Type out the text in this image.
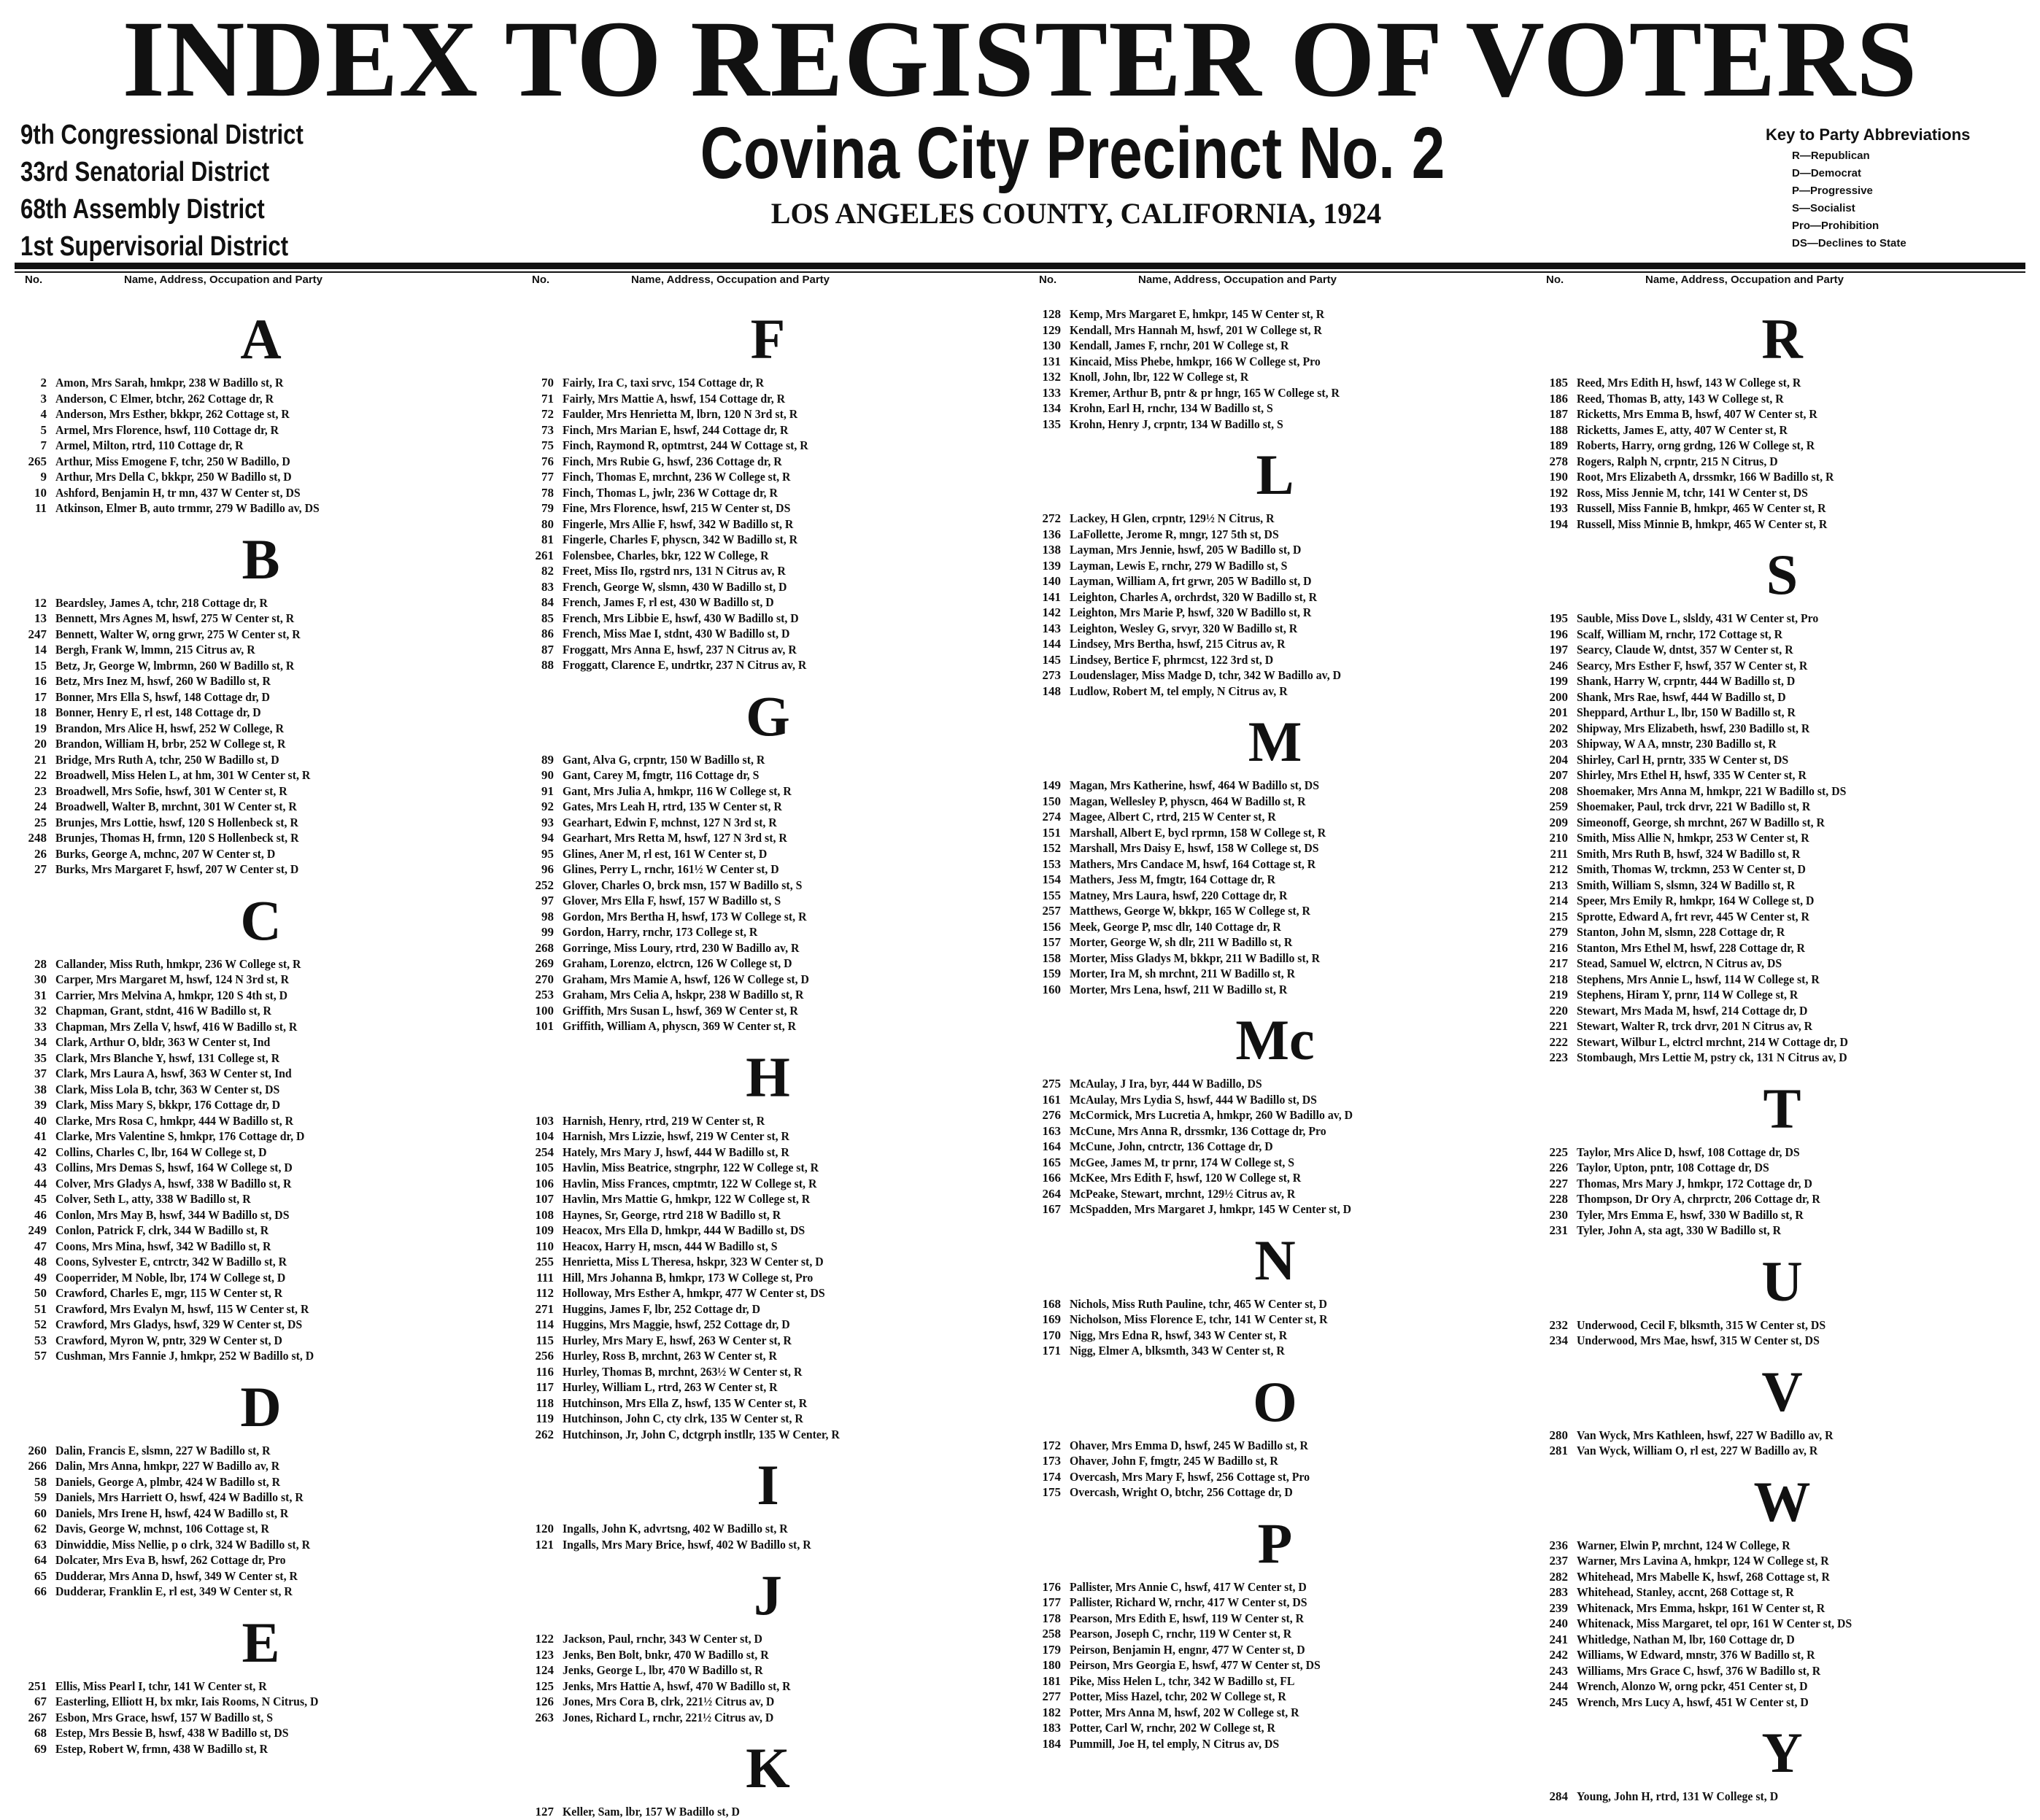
INDEX TO REGISTER OF VOTERS
9th Congressional District
33rd Senatorial District
68th Assembly District
1st Supervisorial District
Covina City Precinct No. 2
LOS ANGELES COUNTY, CALIFORNIA, 1924
Key to Party Abbreviations
R—Republican
D—Democrat
P—Progressive
S—Socialist
Pro—Prohibition
DS—Declines to State
No.	Name, Address, Occupation and Party
A
2 Amon, Mrs Sarah, hmkpr, 238 W Badillo st, R
3 Anderson, C Elmer, btchr, 262 Cottage dr, R
4 Anderson, Mrs Esther, bkkpr, 262 Cottage st, R
5 Armel, Mrs Florence, hswf, 110 Cottage dr, R
7 Armel, Milton, rtrd, 110 Cottage dr, R
265 Arthur, Miss Emogene F, tchr, 250 W Badillo, D
9 Arthur, Mrs Della C, bkkpr, 250 W Badillo st, D
10 Ashford, Benjamin H, tr mn, 437 W Center st, DS
11 Atkinson, Elmer B, auto trmmr, 279 W Badillo av, DS
B
12 Beardsley, James A, tchr, 218 Cottage dr, R
13 Bennett, Mrs Agnes M, hswf, 275 W Center st, R
247 Bennett, Walter W, orng grwr, 275 W Center st, R
14 Bergh, Frank W, lmmn, 215 Citrus av, R
15 Betz, Jr, George W, lmbrmn, 260 W Badillo st, R
16 Betz, Mrs Inez M, hswf, 260 W Badillo st, R
17 Bonner, Mrs Ella S, hswf, 148 Cottage dr, D
18 Bonner, Henry E, rl est, 148 Cottage dr, D
19 Brandon, Mrs Alice H, hswf, 252 W College, R
20 Brandon, William H, brbr, 252 W College st, R
21 Bridge, Mrs Ruth A, tchr, 250 W Badillo st, D
22 Broadwell, Miss Helen L, at hm, 301 W Center st, R
23 Broadwell, Mrs Sofie, hswf, 301 W Center st, R
24 Broadwell, Walter B, mrchnt, 301 W Center st, R
25 Brunjes, Mrs Lottie, hswf, 120 S Hollenbeck st, R
248 Brunjes, Thomas H, frmn, 120 S Hollenbeck st, R
26 Burks, George A, mchnc, 207 W Center st, D
27 Burks, Mrs Margaret F, hswf, 207 W Center st, D
C
28 Callander, Miss Ruth, hmkpr, 236 W College st, R
30 Carper, Mrs Margaret M, hswf, 124 N 3rd st, R
31 Carrier, Mrs Melvina A, hmkpr, 120 S 4th st, D
32 Chapman, Grant, stdnt, 416 W Badillo st, R
33 Chapman, Mrs Zella V, hswf, 416 W Badillo st, R
34 Clark, Arthur O, bldr, 363 W Center st, Ind
35 Clark, Mrs Blanche Y, hswf, 131 College st, R
37 Clark, Mrs Laura A, hswf, 363 W Center st, Ind
38 Clark, Miss Lola B, tchr, 363 W Center st, DS
39 Clark, Miss Mary S, bkkpr, 176 Cottage dr, D
40 Clarke, Mrs Rosa C, hmkpr, 444 W Badillo st, R
41 Clarke, Mrs Valentine S, hmkpr, 176 Cottage dr, D
42 Collins, Charles C, lbr, 164 W College st, D
43 Collins, Mrs Demas S, hswf, 164 W College st, D
44 Colver, Mrs Gladys A, hswf, 338 W Badillo st, R
45 Colver, Seth L, atty, 338 W Badillo st, R
46 Conlon, Mrs May B, hswf, 344 W Badillo st, DS
249 Conlon, Patrick F, clrk, 344 W Badillo st, R
47 Coons, Mrs Mina, hswf, 342 W Badillo st, R
48 Coons, Sylvester E, cntrctr, 342 W Badillo st, R
49 Cooperrider, M Noble, lbr, 174 W College st, D
50 Crawford, Charles E, mgr, 115 W Center st, R
51 Crawford, Mrs Evalyn M, hswf, 115 W Center st, R
52 Crawford, Mrs Gladys, hswf, 329 W Center st, DS
53 Crawford, Myron W, pntr, 329 W Center st, D
57 Cushman, Mrs Fannie J, hmkpr, 252 W Badillo st, D
D
260 Dalin, Francis E, slsmn, 227 W Badillo st, R
266 Dalin, Mrs Anna, hmkpr, 227 W Badillo av, R
58 Daniels, George A, plmbr, 424 W Badillo st, R
59 Daniels, Mrs Harriett O, hswf, 424 W Badillo st, R
60 Daniels, Mrs Irene H, hswf, 424 W Badillo st, R
62 Davis, George W, mchnst, 106 Cottage st, R
63 Dinwiddie, Miss Nellie, p o clrk, 324 W Badillo st, R
64 Dolcater, Mrs Eva B, hswf, 262 Cottage dr, Pro
65 Dudderar, Mrs Anna D, hswf, 349 W Center st, R
66 Dudderar, Franklin E, rl est, 349 W Center st, R
E
251 Ellis, Miss Pearl I, tchr, 141 W Center st, R
67 Easterling, Elliott H, bx mkr, Iais Rooms, N Citrus, D
267 Esbon, Mrs Grace, hswf, 157 W Badillo st, S
68 Estep, Mrs Bessie B, hswf, 438 W Badillo st, DS
69 Estep, Robert W, frmn, 438 W Badillo st, R
No.	Name, Address, Occupation and Party
F
70 Fairly, Ira C, taxi srvc, 154 Cottage dr, R
71 Fairly, Mrs Mattie A, hswf, 154 Cottage dr, R
72 Faulder, Mrs Henrietta M, lbrn, 120 N 3rd st, R
73 Finch, Mrs Marian E, hswf, 244 Cottage dr, R
75 Finch, Raymond R, optmtrst, 244 W Cottage st, R
76 Finch, Mrs Rubie G, hswf, 236 Cottage dr, R
77 Finch, Thomas E, mrchnt, 236 W College st, R
78 Finch, Thomas L, jwlr, 236 W Cottage dr, R
79 Fine, Mrs Florence, hswf, 215 W Center st, DS
80 Fingerle, Mrs Allie F, hswf, 342 W Badillo st, R
81 Fingerle, Charles F, physcn, 342 W Badillo st, R
261 Folensbee, Charles, bkr, 122 W College, R
82 Freet, Miss Ilo, rgstrd nrs, 131 N Citrus av, R
83 French, George W, slsmn, 430 W Badillo st, D
84 French, James F, rl est, 430 W Badillo st, D
85 French, Mrs Libbie E, hswf, 430 W Badillo st, D
86 French, Miss Mae I, stdnt, 430 W Badillo st, D
87 Froggatt, Mrs Anna E, hswf, 237 N Citrus av, R
88 Froggatt, Clarence E, undrtkr, 237 N Citrus av, R
G
89 Gant, Alva G, crpntr, 150 W Badillo st, R
90 Gant, Carey M, fmgtr, 116 Cottage dr, S
91 Gant, Mrs Julia A, hmkpr, 116 W College st, R
92 Gates, Mrs Leah H, rtrd, 135 W Center st, R
93 Gearhart, Edwin F, mchnst, 127 N 3rd st, R
94 Gearhart, Mrs Retta M, hswf, 127 N 3rd st, R
95 Glines, Aner M, rl est, 161 W Center st, D
96 Glines, Perry L, rnchr, 161½ W Center st, D
252 Glover, Charles O, brck msn, 157 W Badillo st, S
97 Glover, Mrs Ella F, hswf, 157 W Badillo st, S
98 Gordon, Mrs Bertha H, hswf, 173 W College st, R
99 Gordon, Harry, rnchr, 173 College st, R
268 Gorringe, Miss Loury, rtrd, 230 W Badillo av, R
269 Graham, Lorenzo, elctrcn, 126 W College st, D
270 Graham, Mrs Mamie A, hswf, 126 W College st, D
253 Graham, Mrs Celia A, hskpr, 238 W Badillo st, R
100 Griffith, Mrs Susan L, hswf, 369 W Center st, R
101 Griffith, William A, physcn, 369 W Center st, R
H
103 Harnish, Henry, rtrd, 219 W Center st, R
104 Harnish, Mrs Lizzie, hswf, 219 W Center st, R
254 Hately, Mrs Mary J, hswf, 444 W Badillo st, R
105 Havlin, Miss Beatrice, stngrphr, 122 W College st, R
106 Havlin, Miss Frances, cmptmtr, 122 W College st, R
107 Havlin, Mrs Mattie G, hmkpr, 122 W College st, R
108 Haynes, Sr, George, rtrd 218 W Badillo st, R
109 Heacox, Mrs Ella D, hmkpr, 444 W Badillo st, DS
110 Heacox, Harry H, mscn, 444 W Badillo st, S
255 Henrietta, Miss L Theresa, hskpr, 323 W Center st, D
111 Hill, Mrs Johanna B, hmkpr, 173 W College st, Pro
112 Holloway, Mrs Esther A, hmkpr, 477 W Center st, DS
271 Huggins, James F, lbr, 252 Cottage dr, D
114 Huggins, Mrs Maggie, hswf, 252 Cottage dr, D
115 Hurley, Mrs Mary E, hswf, 263 W Center st, R
256 Hurley, Ross B, mrchnt, 263 W Center st, R
116 Hurley, Thomas B, mrchnt, 263½ W Center st, R
117 Hurley, William L, rtrd, 263 W Center st, R
118 Hutchinson, Mrs Ella Z, hswf, 135 W Center st, R
119 Hutchinson, John C, cty clrk, 135 W Center st, R
262 Hutchinson, Jr, John C, dctgrph instllr, 135 W Center, R
I
120 Ingalls, John K, advrtsng, 402 W Badillo st, R
121 Ingalls, Mrs Mary Brice, hswf, 402 W Badillo st, R
J
122 Jackson, Paul, rnchr, 343 W Center st, D
123 Jenks, Ben Bolt, bnkr, 470 W Badillo st, R
124 Jenks, George L, lbr, 470 W Badillo st, R
125 Jenks, Mrs Hattie A, hswf, 470 W Badillo st, R
126 Jones, Mrs Cora B, clrk, 221½ Citrus av, D
263 Jones, Richard L, rnchr, 221½ Citrus av, D
K
127 Keller, Sam, lbr, 157 W Badillo st, D
No.	Name, Address, Occupation and Party
128 Kemp, Mrs Margaret E, hmkpr, 145 W Center st, R
129 Kendall, Mrs Hannah M, hswf, 201 W College st, R
130 Kendall, James F, rnchr, 201 W College st, R
131 Kincaid, Miss Phebe, hmkpr, 166 W College st, Pro
132 Knoll, John, lbr, 122 W College st, R
133 Kremer, Arthur B, pntr & pr hngr, 165 W College st, R
134 Krohn, Earl H, rnchr, 134 W Badillo st, S
135 Krohn, Henry J, crpntr, 134 W Badillo st, S
L
272 Lackey, H Glen, crpntr, 129½ N Citrus, R
136 LaFollette, Jerome R, mngr, 127 5th st, DS
138 Layman, Mrs Jennie, hswf, 205 W Badillo st, D
139 Layman, Lewis E, rnchr, 279 W Badillo st, S
140 Layman, William A, frt grwr, 205 W Badillo st, D
141 Leighton, Charles A, orchrdst, 320 W Badillo st, R
142 Leighton, Mrs Marie P, hswf, 320 W Badillo st, R
143 Leighton, Wesley G, srvyr, 320 W Badillo st, R
144 Lindsey, Mrs Bertha, hswf, 215 Citrus av, R
145 Lindsey, Bertice F, phrmcst, 122 3rd st, D
273 Loudenslager, Miss Madge D, tchr, 342 W Badillo av, D
148 Ludlow, Robert M, tel emply, N Citrus av, R
M
149 Magan, Mrs Katherine, hswf, 464 W Badillo st, DS
150 Magan, Wellesley P, physcn, 464 W Badillo st, R
274 Magee, Albert C, rtrd, 215 W Center st, R
151 Marshall, Albert E, bycl rprmn, 158 W College st, R
152 Marshall, Mrs Daisy E, hswf, 158 W College st, DS
153 Mathers, Mrs Candace M, hswf, 164 Cottage st, R
154 Mathers, Jess M, fmgtr, 164 Cottage dr, R
155 Matney, Mrs Laura, hswf, 220 Cottage dr, R
257 Matthews, George W, bkkpr, 165 W College st, R
156 Meek, George P, msc dlr, 140 Cottage dr, R
157 Morter, George W, sh dlr, 211 W Badillo st, R
158 Morter, Miss Gladys M, bkkpr, 211 W Badillo st, R
159 Morter, Ira M, sh mrchnt, 211 W Badillo st, R
160 Morter, Mrs Lena, hswf, 211 W Badillo st, R
Mc
275 McAulay, J Ira, byr, 444 W Badillo, DS
161 McAulay, Mrs Lydia S, hswf, 444 W Badillo st, DS
276 McCormick, Mrs Lucretia A, hmkpr, 260 W Badillo av, D
163 McCune, Mrs Anna R, drssmkr, 136 Cottage dr, Pro
164 McCune, John, cntrctr, 136 Cottage dr, D
165 McGee, James M, tr prnr, 174 W College st, S
166 McKee, Mrs Edith F, hswf, 120 W College st, R
264 McPeake, Stewart, mrchnt, 129½ Citrus av, R
167 McSpadden, Mrs Margaret J, hmkpr, 145 W Center st, D
N
168 Nichols, Miss Ruth Pauline, tchr, 465 W Center st, D
169 Nicholson, Miss Florence E, tchr, 141 W Center st, R
170 Nigg, Mrs Edna R, hswf, 343 W Center st, R
171 Nigg, Elmer A, blksmth, 343 W Center st, R
O
172 Ohaver, Mrs Emma D, hswf, 245 W Badillo st, R
173 Ohaver, John F, fmgtr, 245 W Badillo st, R
174 Overcash, Mrs Mary F, hswf, 256 Cottage st, Pro
175 Overcash, Wright O, btchr, 256 Cottage dr, D
P
176 Pallister, Mrs Annie C, hswf, 417 W Center st, D
177 Pallister, Richard W, rnchr, 417 W Center st, DS
178 Pearson, Mrs Edith E, hswf, 119 W Center st, R
258 Pearson, Joseph C, rnchr, 119 W Center st, R
179 Peirson, Benjamin H, engnr, 477 W Center st, D
180 Peirson, Mrs Georgia E, hswf, 477 W Center st, DS
181 Pike, Miss Helen L, tchr, 342 W Badillo st, FL
277 Potter, Miss Hazel, tchr, 202 W College st, R
182 Potter, Mrs Anna M, hswf, 202 W College st, R
183 Potter, Carl W, rnchr, 202 W College st, R
184 Pummill, Joe H, tel emply, N Citrus av, DS
No.	Name, Address, Occupation and Party
R
185 Reed, Mrs Edith H, hswf, 143 W College st, R
186 Reed, Thomas B, atty, 143 W College st, R
187 Ricketts, Mrs Emma B, hswf, 407 W Center st, R
188 Ricketts, James E, atty, 407 W Center st, R
189 Roberts, Harry, orng grdng, 126 W College st, R
278 Rogers, Ralph N, crpntr, 215 N Citrus, D
190 Root, Mrs Elizabeth A, drssmkr, 166 W Badillo st, R
192 Ross, Miss Jennie M, tchr, 141 W Center st, DS
193 Russell, Miss Fannie B, hmkpr, 465 W Center st, R
194 Russell, Miss Minnie B, hmkpr, 465 W Center st, R
S
195 Sauble, Miss Dove L, slsldy, 431 W Center st, Pro
196 Scalf, William M, rnchr, 172 Cottage st, R
197 Searcy, Claude W, dntst, 357 W Center st, R
246 Searcy, Mrs Esther F, hswf, 357 W Center st, R
199 Shank, Harry W, crpntr, 444 W Badillo st, D
200 Shank, Mrs Rae, hswf, 444 W Badillo st, D
201 Sheppard, Arthur L, lbr, 150 W Badillo st, R
202 Shipway, Mrs Elizabeth, hswf, 230 Badillo st, R
203 Shipway, W A A, mnstr, 230 Badillo st, R
204 Shirley, Carl H, prntr, 335 W Center st, DS
207 Shirley, Mrs Ethel H, hswf, 335 W Center st, R
208 Shoemaker, Mrs Anna M, hmkpr, 221 W Badillo st, DS
259 Shoemaker, Paul, trck drvr, 221 W Badillo st, R
209 Simeonoff, George, sh mrchnt, 267 W Badillo st, R
210 Smith, Miss Allie N, hmkpr, 253 W Center st, R
211 Smith, Mrs Ruth B, hswf, 324 W Badillo st, R
212 Smith, Thomas W, trckmn, 253 W Center st, D
213 Smith, William S, slsmn, 324 W Badillo st, R
214 Speer, Mrs Emily R, hmkpr, 164 W College st, D
215 Sprotte, Edward A, frt revr, 445 W Center st, R
279 Stanton, John M, slsmn, 228 Cottage dr, R
216 Stanton, Mrs Ethel M, hswf, 228 Cottage dr, R
217 Stead, Samuel W, elctrcn, N Citrus av, DS
218 Stephens, Mrs Annie L, hswf, 114 W College st, R
219 Stephens, Hiram Y, prnr, 114 W College st, R
220 Stewart, Mrs Mada M, hswf, 214 Cottage dr, D
221 Stewart, Walter R, trck drvr, 201 N Citrus av, R
222 Stewart, Wilbur L, elctrcl mrchnt, 214 W Cottage dr, D
223 Stombaugh, Mrs Lettie M, pstry ck, 131 N Citrus av, D
T
225 Taylor, Mrs Alice D, hswf, 108 Cottage dr, DS
226 Taylor, Upton, pntr, 108 Cottage dr, DS
227 Thomas, Mrs Mary J, hmkpr, 172 Cottage dr, D
228 Thompson, Dr Ory A, chrprctr, 206 Cottage dr, R
230 Tyler, Mrs Emma E, hswf, 330 W Badillo st, R
231 Tyler, John A, sta agt, 330 W Badillo st, R
U
232 Underwood, Cecil F, blksmth, 315 W Center st, DS
234 Underwood, Mrs Mae, hswf, 315 W Center st, DS
V
280 Van Wyck, Mrs Kathleen, hswf, 227 W Badillo av, R
281 Van Wyck, William O, rl est, 227 W Badillo av, R
W
236 Warner, Elwin P, mrchnt, 124 W College, R
237 Warner, Mrs Lavina A, hmkpr, 124 W College st, R
282 Whitehead, Mrs Mabelle K, hswf, 268 Cottage st, R
283 Whitehead, Stanley, accnt, 268 Cottage st, R
239 Whitenack, Mrs Emma, hskpr, 161 W Center st, R
240 Whitenack, Miss Margaret, tel opr, 161 W Center st, DS
241 Whitledge, Nathan M, lbr, 160 Cottage dr, D
242 Williams, W Edward, mnstr, 376 W Badillo st, R
243 Williams, Mrs Grace C, hswf, 376 W Badillo st, R
244 Wrench, Alonzo W, orng pckr, 451 Center st, D
245 Wrench, Mrs Lucy A, hswf, 451 W Center st, D
Y
284 Young, John H, rtrd, 131 W College st, D
